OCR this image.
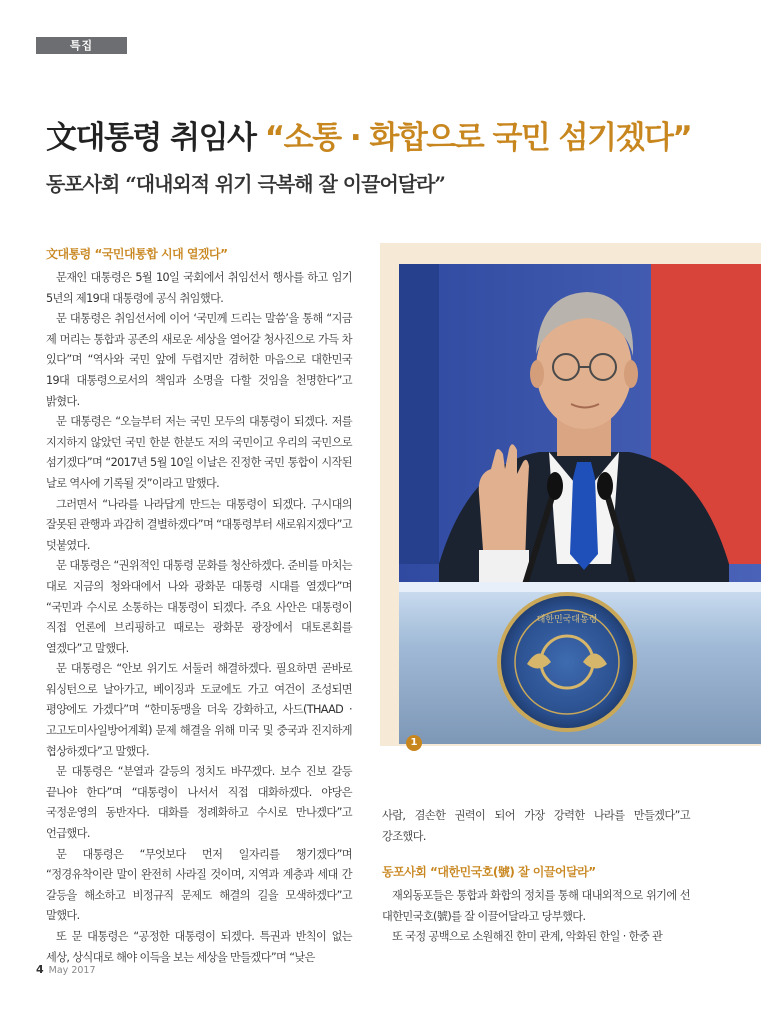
특집
文대통령 취임사 “소통 · 화합으로 국민 섬기겠다”
동포사회 “대내외적 위기 극복해 잘 이끌어달라”
文대통령 “국민대통합 시대 열겠다”

문재인 대통령은 5월 10일 국회에서 취임선서 행사를 하고 임기 5년의 제19대 대통령에 공식 취임했다.

문 대통령은 취임선서에 이어 ‘국민께 드리는 말씀’을 통해 “지금 제 머리는 통합과 공존의 새로운 세상을 열어갈 청사진으로 가득 차 있다”며 “역사와 국민 앞에 두렵지만 겸허한 마음으로 대한민국 19대 대통령으로서의 책임과 소명을 다할 것임을 천명한다”고 밝혔다.

문 대통령은 “오늘부터 저는 국민 모두의 대통령이 되겠다. 저를 지지하지 않았던 국민 한분 한분도 저의 국민이고 우리의 국민으로 섬기겠다”며 “2017년 5월 10일 이날은 진정한 국민 통합이 시작된 날로 역사에 기록될 것”이라고 말했다.

그러면서 “나라를 나라답게 만드는 대통령이 되겠다. 구시대의 잘못된 관행과 과감히 결별하겠다”며 “대통령부터 새로워지겠다”고 덧붙였다.

문 대통령은 “권위적인 대통령 문화를 청산하겠다. 준비를 마치는 대로 지금의 청와대에서 나와 광화문 대통령 시대를 열겠다”며 “국민과 수시로 소통하는 대통령이 되겠다. 주요 사안은 대통령이 직접 언론에 브리핑하고 때로는 광화문 광장에서 대토론회를 열겠다”고 말했다.

문 대통령은 “안보 위기도 서둘러 해결하겠다. 필요하면 곧바로 워싱턴으로 날아가고, 베이징과 도쿄에도 가고 여건이 조성되면 평양에도 가겠다”며 “한미동맹을 더욱 강화하고, 사드(THAAD · 고고도미사일방어계획) 문제 해결을 위해 미국 및 중국과 진지하게 협상하겠다”고 말했다.

문 대통령은 “분열과 갈등의 정치도 바꾸겠다. 보수 진보 갈등 끝나야 한다”며 “대통령이 나서서 직접 대화하겠다. 야당은 국정운영의 동반자다. 대화를 정례화하고 수시로 만나겠다”고 언급했다.

문 대통령은 “무엇보다 먼저 일자리를 챙기겠다”며 “정경유착이란 말이 완전히 사라질 것이며, 지역과 계층과 세대 간 갈등을 해소하고 비정규직 문제도 해결의 길을 모색하겠다”고 말했다.

또 문 대통령은 “공정한 대통령이 되겠다. 특권과 반칙이 없는 세상, 상식대로 해야 이득을 보는 세상을 만들겠다”며 “낮은

대한민국대통령
1

사람, 겸손한 권력이 되어 가장 강력한 나라를 만들겠다”고 강조했다.

동포사회 “대한민국호(號) 잘 이끌어달라”

재외동포들은 통합과 화합의 정치를 통해 대내외적으로 위기에 선 대한민국호(號)를 잘 이끌어달라고 당부했다.

또 국정 공백으로 소원해진 한미 관계, 악화된 한일 · 한중 관

4 May 2017
